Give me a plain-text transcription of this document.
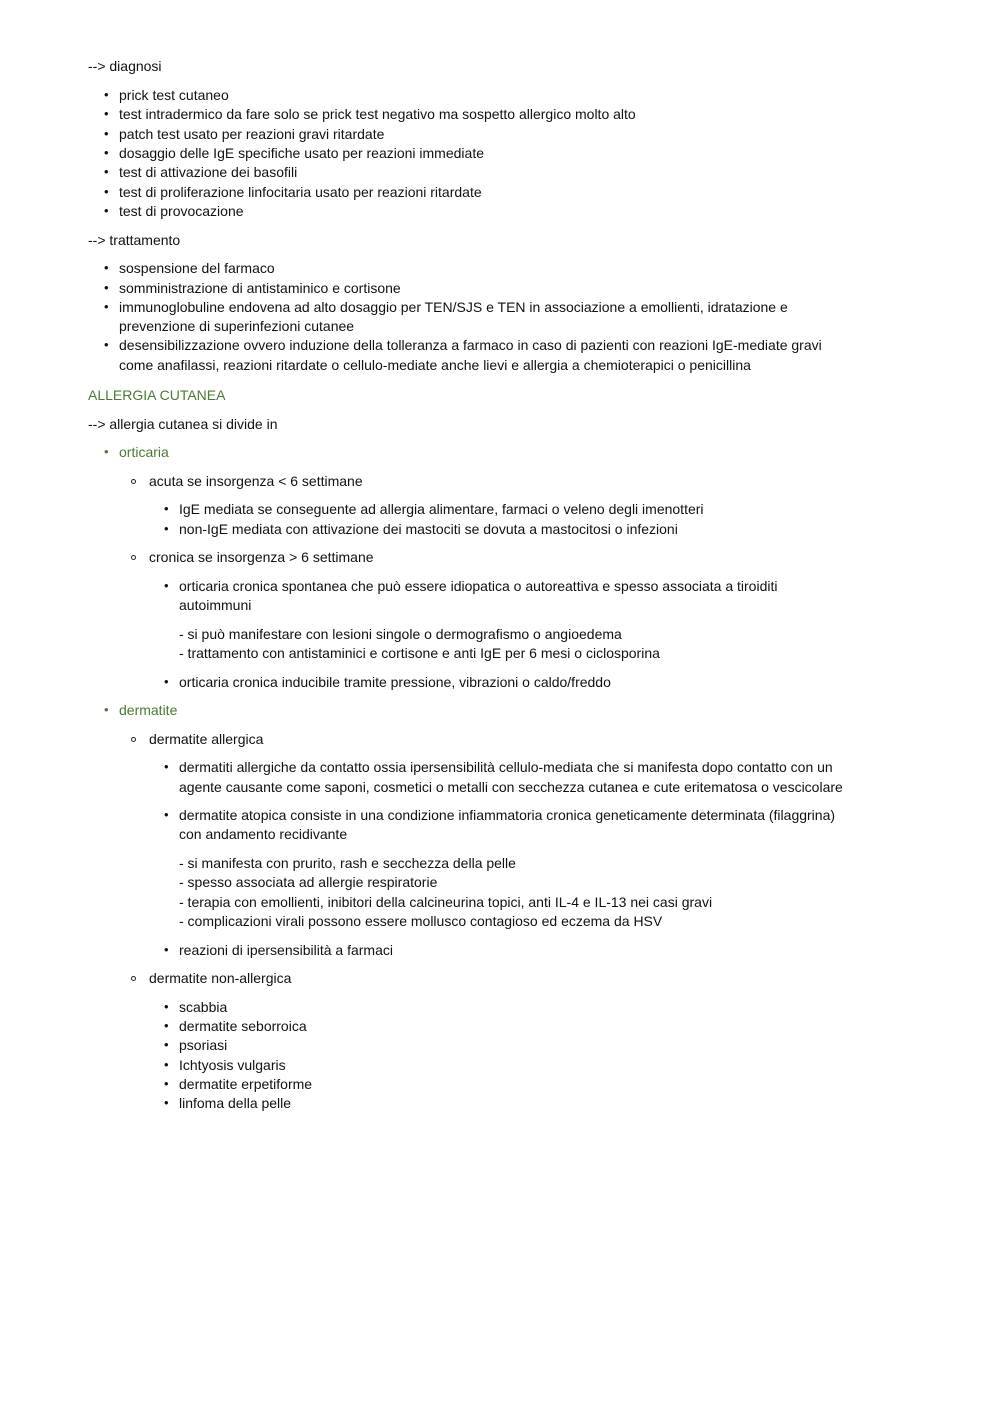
--> diagnosi
• prick test cutaneo
• test intradermico da fare solo se prick test negativo ma sospetto allergico molto alto
• patch test usato per reazioni gravi ritardate
• dosaggio delle IgE specifiche usato per reazioni immediate
• test di attivazione dei basofili
• test di proliferazione linfocitaria usato per reazioni ritardate
• test di provocazione
--> trattamento
• sospensione del farmaco
• somministrazione di antistaminico e cortisone
• immunoglobuline endovena ad alto dosaggio per TEN/SJS e TEN in associazione a emollienti, idratazione e
prevenzione di superinfezioni cutanee
• desensibilizzazione ovvero induzione della tolleranza a farmaco in caso di pazienti con reazioni IgE-mediate gravi
come anafilassi, reazioni ritardate o cellulo-mediate anche lievi e allergia a chemioterapici o penicillina
ALLERGIA CUTANEA
--> allergia cutanea si divide in
• orticaria
acuta se insorgenza < 6 settimane
• IgE mediata se conseguente ad allergia alimentare, farmaci o veleno degli imenotteri
• non-IgE mediata con attivazione dei mastociti se dovuta a mastocitosi o infezioni
cronica se insorgenza > 6 settimane
• orticaria cronica spontanea che può essere idiopatica o autoreattiva e spesso associata a tiroiditi
autoimmuni
- si può manifestare con lesioni singole o dermografismo o angioedema
- trattamento con antistaminici e cortisone e anti IgE per 6 mesi o ciclosporina
• orticaria cronica inducibile tramite pressione, vibrazioni o caldo/freddo
• dermatite
dermatite allergica
• dermatiti allergiche da contatto ossia ipersensibilità cellulo-mediata che si manifesta dopo contatto con un
agente causante come saponi, cosmetici o metalli con secchezza cutanea e cute eritematosa o vescicolare
• dermatite atopica consiste in una condizione infiammatoria cronica geneticamente determinata (filaggrina)
con andamento recidivante
- si manifesta con prurito, rash e secchezza della pelle
- spesso associata ad allergie respiratorie
- terapia con emollienti, inibitori della calcineurina topici, anti IL-4 e IL-13 nei casi gravi
- complicazioni virali possono essere mollusco contagioso ed eczema da HSV
• reazioni di ipersensibilità a farmaci
dermatite non-allergica
• scabbia
• dermatite seborroica
• psoriasi
• Ichtyosis vulgaris
• dermatite erpetiforme
• linfoma della pelle
